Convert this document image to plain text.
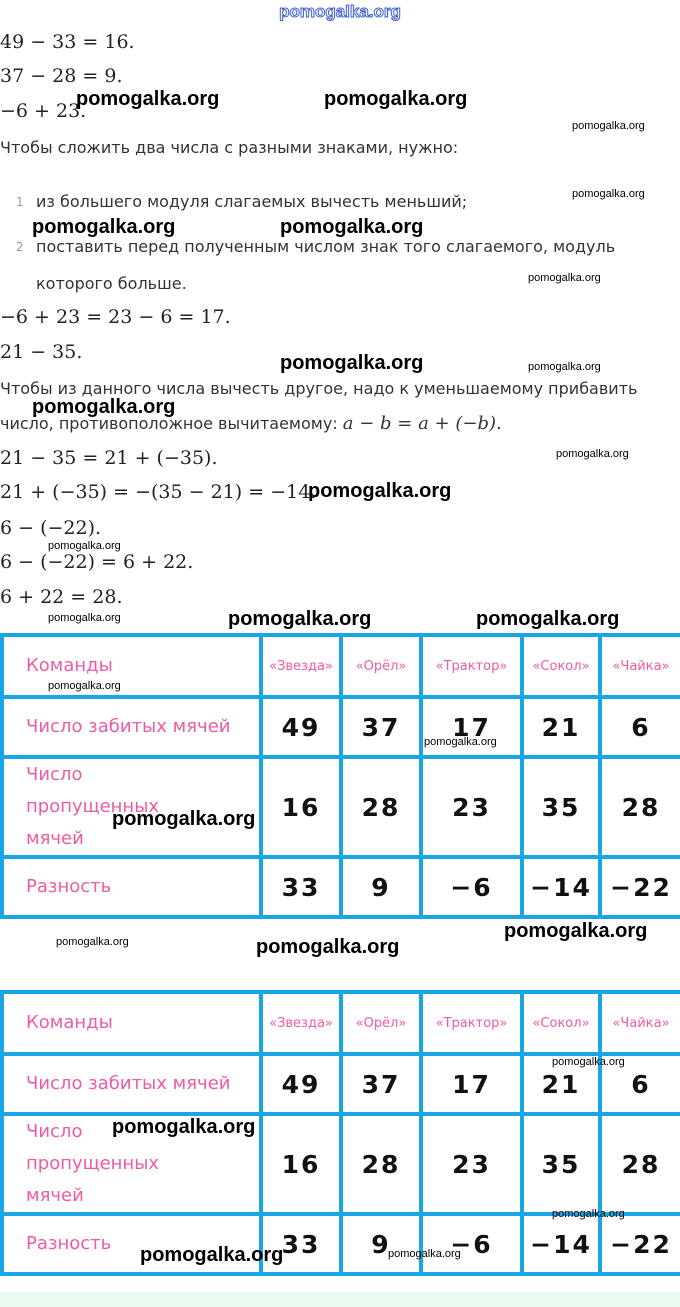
pomogalka.org
49 − 33 = 16.
37 − 28 = 9.
−6 + 23.
Чтобы сложить два числа с разными знаками, нужно:
1 из большего модуля слагаемых вычесть меньший;
2 поставить перед полученным числом знак того слагаемого, модуль
которого больше.
−6 + 23 = 23 − 6 = 17.
21 − 35.
Чтобы из данного числа вычесть другое, надо к уменьшаемому прибавить
число, противоположное вычитаемому: a − b = a + (−b).
21 − 35 = 21 + (−35).
21 + (−35) = −(35 − 21) = −14.
6 − (−22).
6 − (−22) = 6 + 22.
6 + 22 = 28.
Команды	«Звезда»	«Орёл»	«Трактор»	«Сокол»	«Чайка»
Число забитых мячей	49	37	17	21	6
Число пропущенных мячей	16	28	23	35	28
Разность	33	9	−6	−14	−22
Команды	«Звезда»	«Орёл»	«Трактор»	«Сокол»	«Чайка»
Число забитых мячей	49	37	17	21	6
Число пропущенных мячей	16	28	23	35	28
Разность	33	9	−6	−14	−22
pomogalka.org	pomogalka.org
pomogalka.org
pomogalka.org
pomogalka.org	pomogalka.org
pomogalka.org
pomogalka.org	pomogalka.org
pomogalka.org
pomogalka.org
pomogalka.org
pomogalka.org
pomogalka.org	pomogalka.org	pomogalka.org
pomogalka.org
pomogalka.org
pomogalka.org
pomogalka.org	pomogalka.org
pomogalka.org
pomogalka.org
pomogalka.org
pomogalka.org
pomogalka.org	pomogalka.org
